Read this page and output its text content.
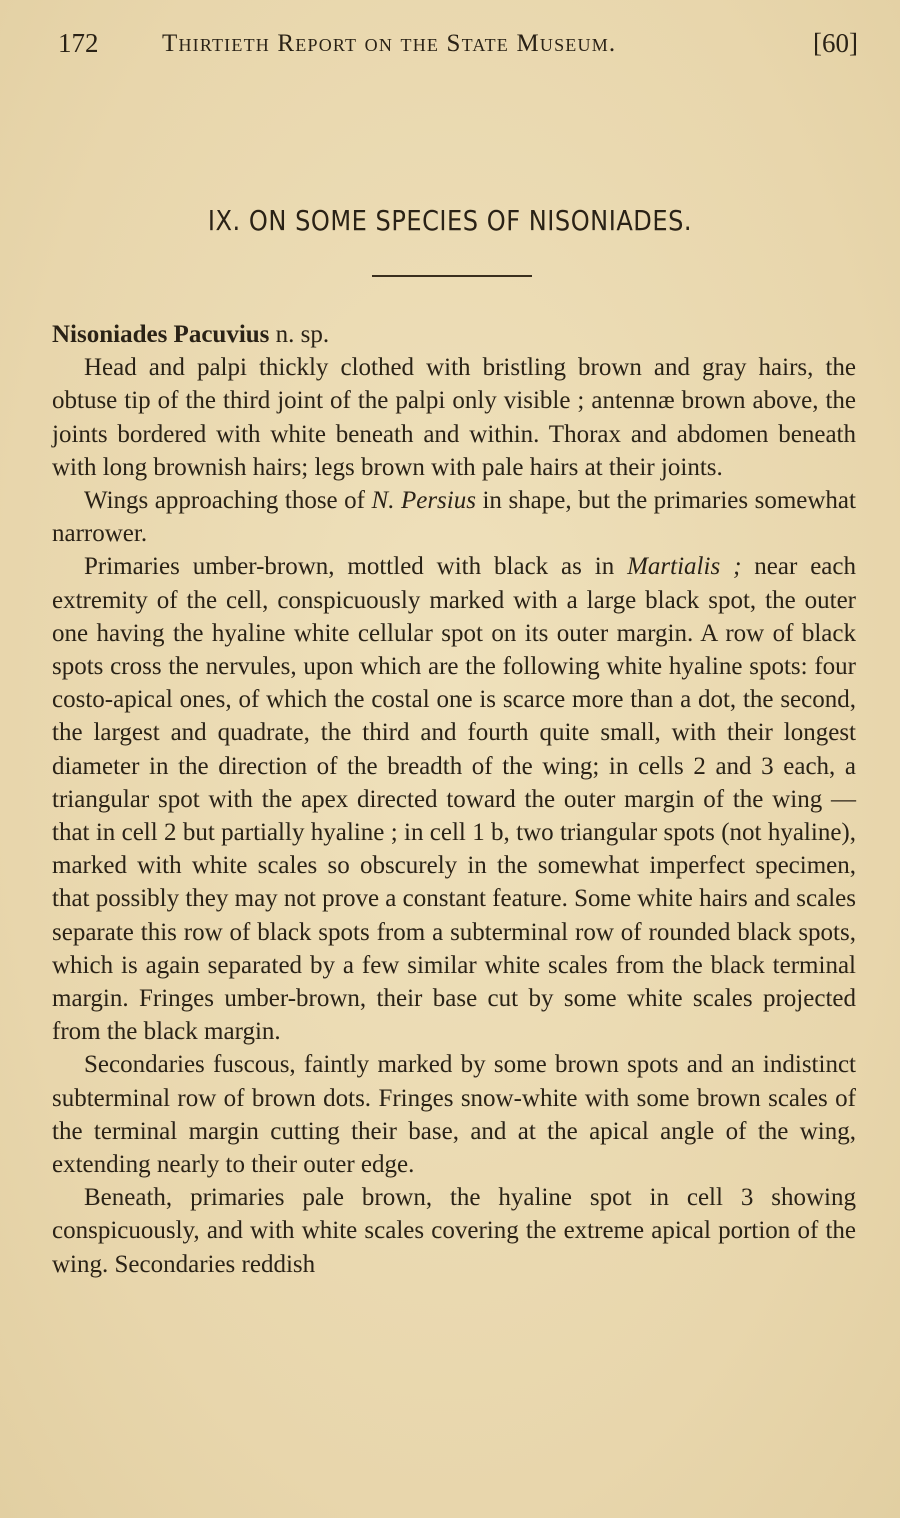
172	Thirtieth Report on the State Museum.	[60]
IX. ON SOME SPECIES OF NISONIADES.

Nisoniades Pacuvius n. sp.

Head and palpi thickly clothed with bristling brown and gray hairs, the obtuse tip of the third joint of the palpi only visible ; antennæ brown above, the joints bordered with white beneath and within. Thorax and abdomen beneath with long brownish hairs; legs brown with pale hairs at their joints.

Wings approaching those of N. Persius in shape, but the primaries somewhat narrower.

Primaries umber-brown, mottled with black as in Martialis ; near each extremity of the cell, conspicuously marked with a large black spot, the outer one having the hyaline white cellular spot on its outer margin. A row of black spots cross the nervules, upon which are the following white hyaline spots: four costo-apical ones, of which the costal one is scarce more than a dot, the second, the largest and quadrate, the third and fourth quite small, with their longest diameter in the direction of the breadth of the wing; in cells 2 and 3 each, a triangular spot with the apex directed toward the outer margin of the wing — that in cell 2 but partially hyaline ; in cell 1 b, two triangular spots (not hyaline), marked with white scales so obscurely in the somewhat imperfect specimen, that possibly they may not prove a constant feature. Some white hairs and scales separate this row of black spots from a subterminal row of rounded black spots, which is again separated by a few similar white scales from the black terminal margin. Fringes umber-brown, their base cut by some white scales projected from the black margin.

Secondaries fuscous, faintly marked by some brown spots and an indistinct subterminal row of brown dots. Fringes snow-white with some brown scales of the terminal margin cutting their base, and at the apical angle of the wing, extending nearly to their outer edge.

Beneath, primaries pale brown, the hyaline spot in cell 3 showing conspicuously, and with white scales covering the extreme apical portion of the wing. Secondaries reddish
